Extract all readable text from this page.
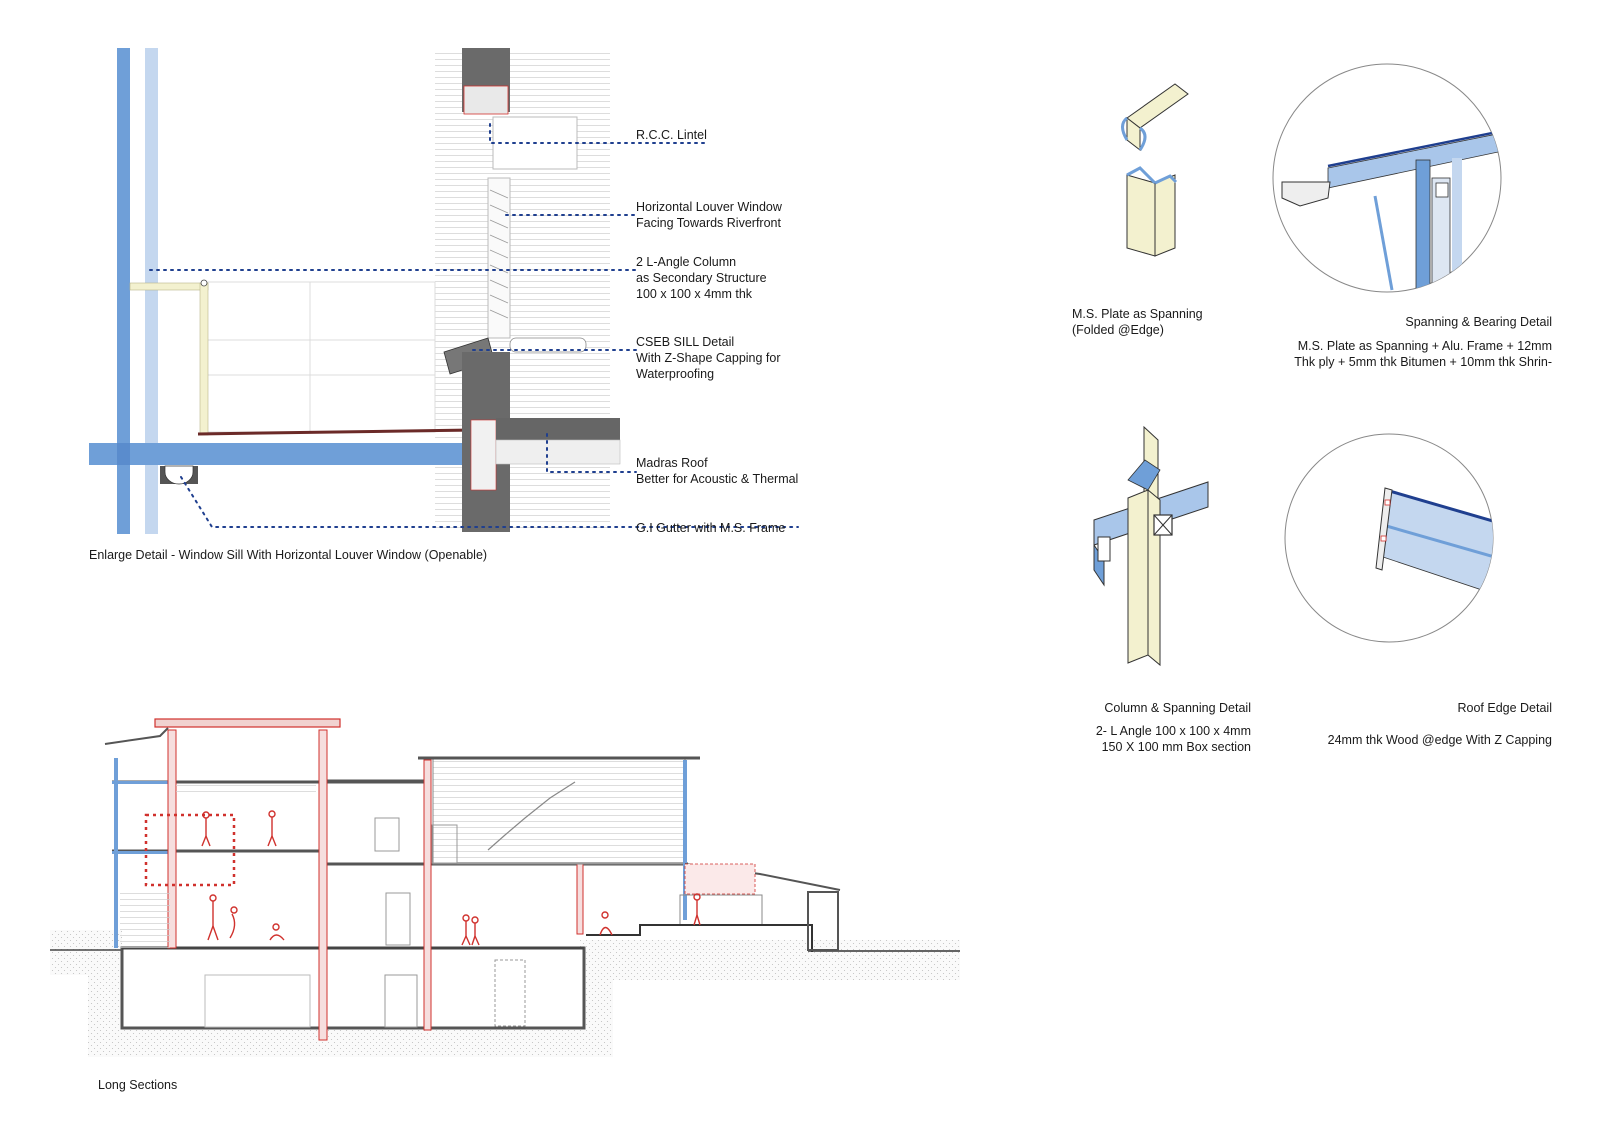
R.C.C. Lintel
Horizontal Louver Window
Facing Towards Riverfront
2 L-Angle Column
as Secondary Structure
100 x 100 x 4mm thk
CSEB SILL Detail
With Z-Shape Capping for
Waterproofing
Madras Roof
Better for Acoustic & Thermal
G.I Gutter with M.S. Frame
Enlarge Detail - Window Sill With Horizontal Louver Window (Openable)
Long Sections
M.S. Plate as Spanning
(Folded @Edge)
Spanning & Bearing Detail
M.S. Plate as Spanning + Alu. Frame + 12mm
Thk ply + 5mm thk Bitumen + 10mm thk Shrin-
Column & Spanning Detail
2- L Angle 100 x 100 x 4mm
150 X 100 mm Box section
Roof Edge Detail
24mm thk Wood @edge With Z Capping
